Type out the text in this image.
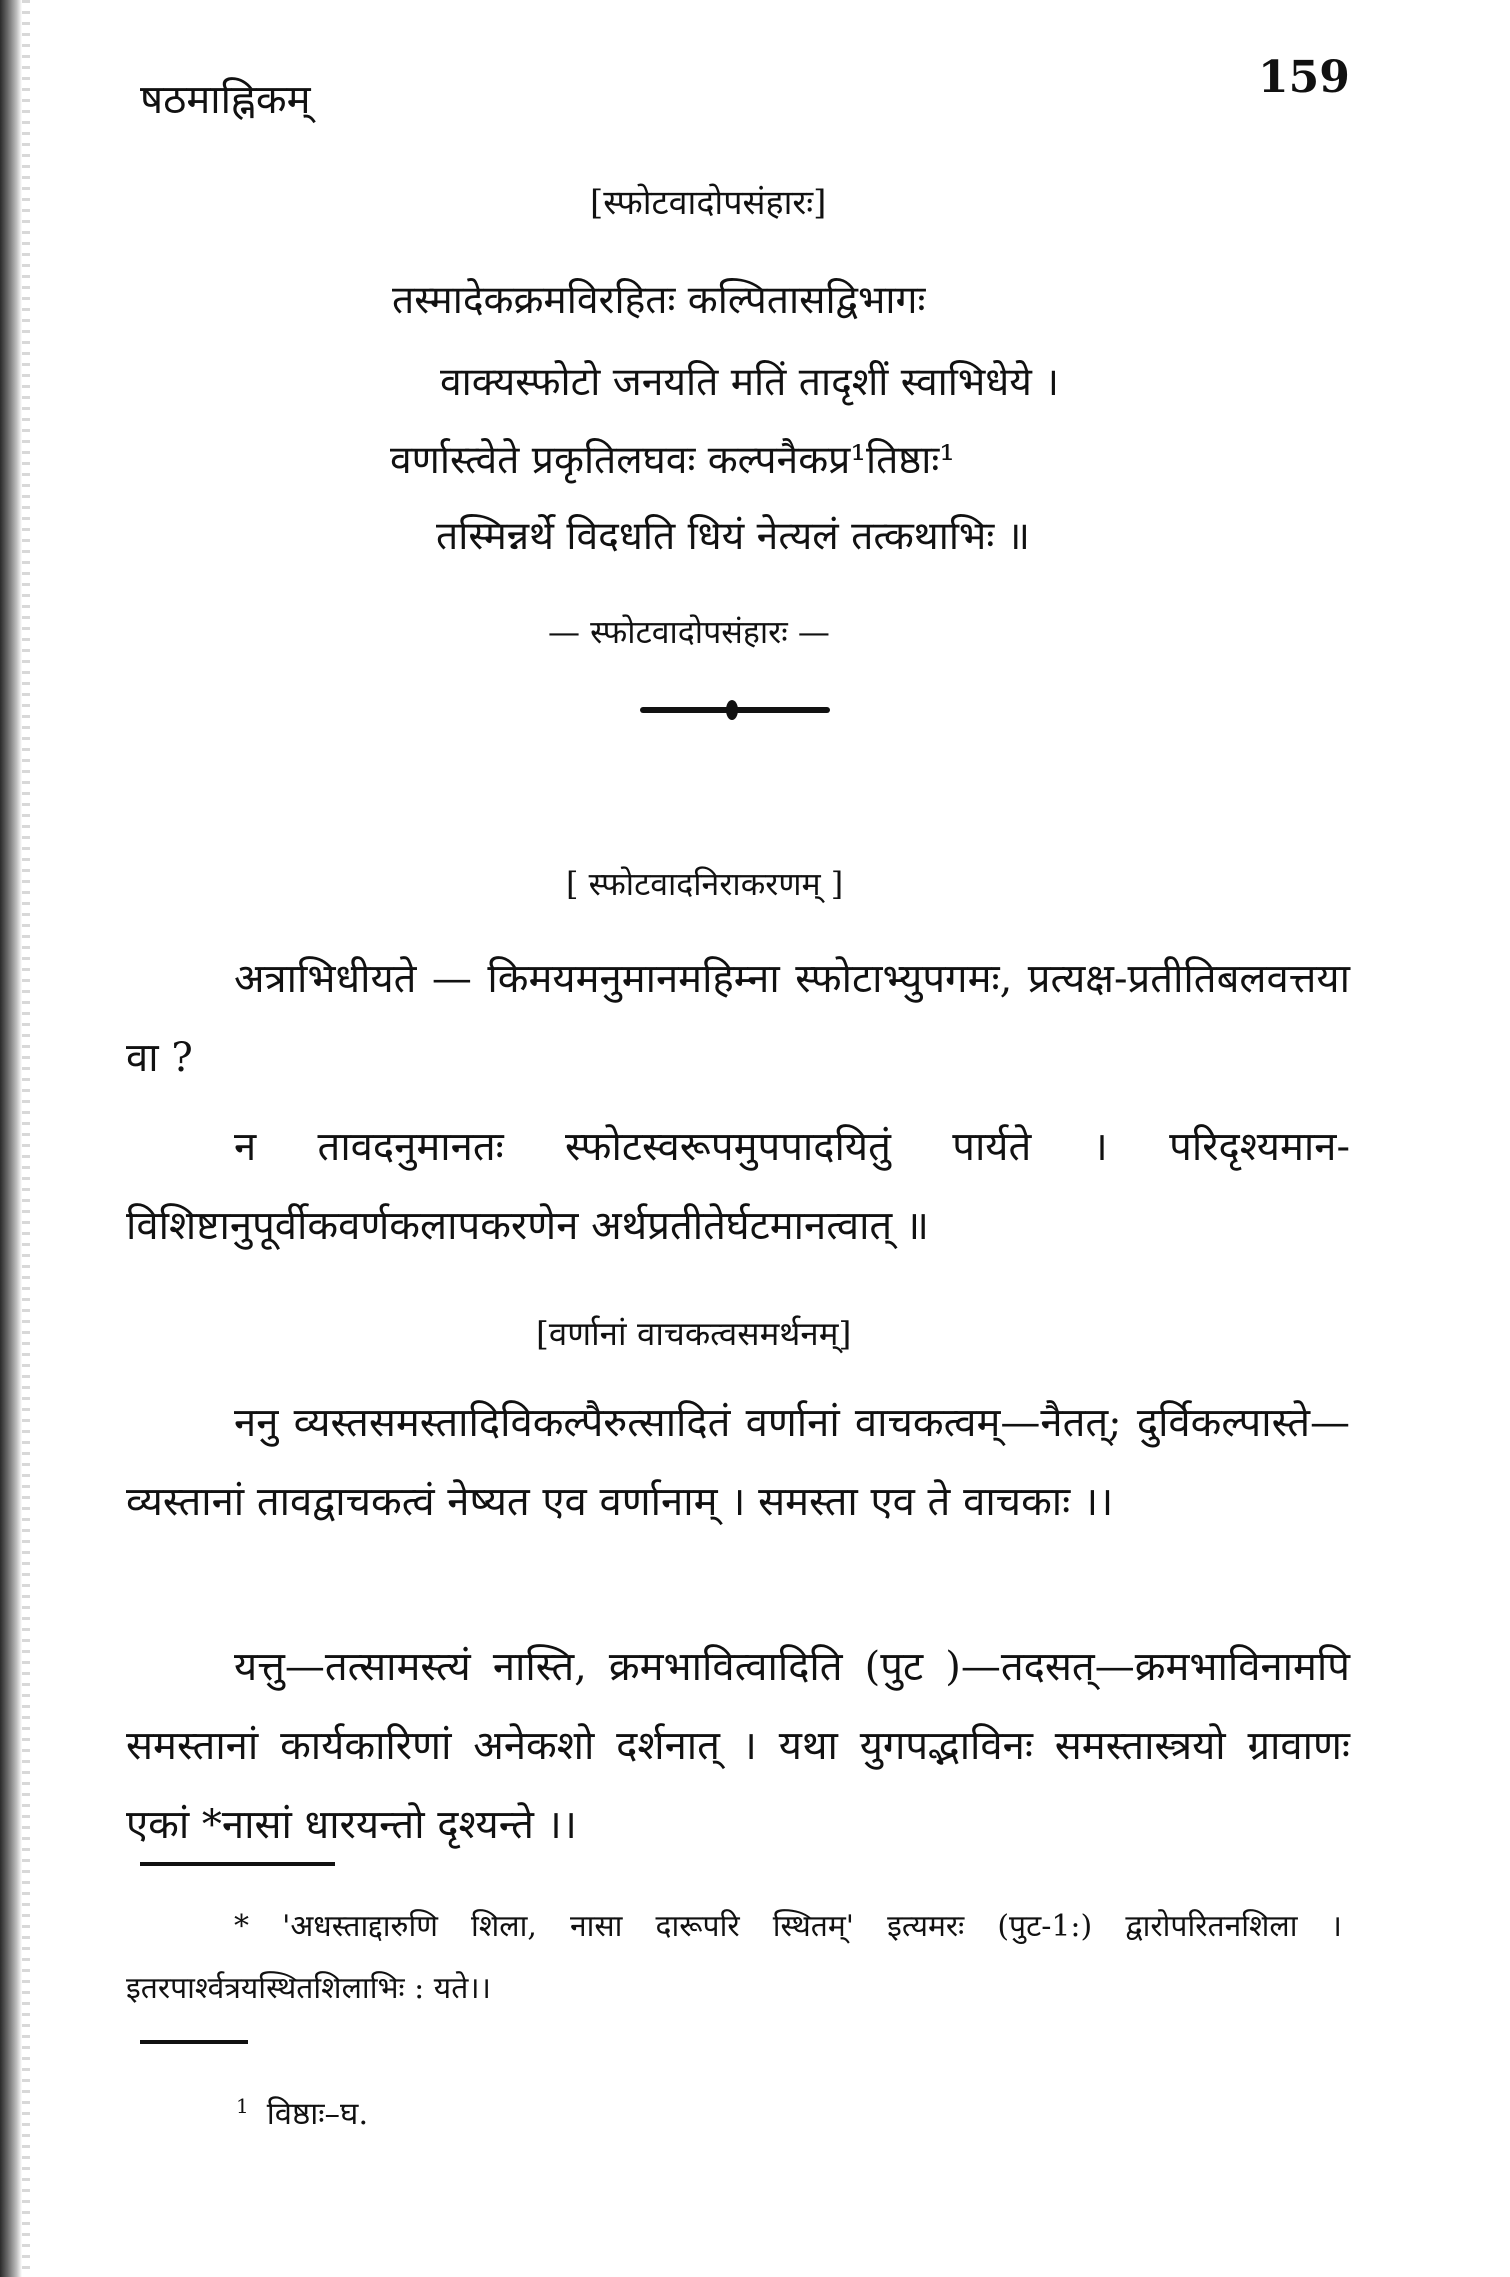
षठमाह्निकम्	159
[स्फोटवादोपसंहारः]
तस्मादेकक्रमविरहितः कल्पितासद्विभागः
वाक्यस्फोटो जनयति मतिं तादृशीं स्वाभिधेये ।
वर्णास्त्वेते प्रकृतिलघवः कल्पनैकप्र¹तिष्ठाः¹
तस्मिन्नर्थे विदधति धियं नेत्यलं तत्कथाभिः ॥
— स्फोटवादोपसंहारः —
[ स्फोटवादनिराकरणम् ]
अत्राभिधीयते — किमयमनुमानमहिम्ना स्फोटाभ्युपगमः, प्रत्यक्ष-प्रतीतिबलवत्तया वा ?
न तावदनुमानतः स्फोटस्वरूपमुपपादयितुं पार्यते । परिदृश्यमान-विशिष्टानुपूर्वीकवर्णकलापकरणेन अर्थप्रतीतेर्घटमानत्वात् ॥
[वर्णानां वाचकत्वसमर्थनम्]
ननु व्यस्तसमस्तादिविकल्पैरुत्सादितं वर्णानां वाचकत्वम्—नैतत्; दुर्विकल्पास्ते—व्यस्तानां तावद्वाचकत्वं नेष्यत एव वर्णानाम् । समस्ता एव ते वाचकाः ।।
यत्तु—तत्सामस्त्यं नास्ति, क्रमभावित्वादिति (पुट )—तदसत्—क्रमभाविनामपि समस्तानां कार्यकारिणां अनेकशो दर्शनात् । यथा युगपद्भाविनः समस्तास्त्रयो ग्रावाणः एकां *नासां धारयन्तो दृश्यन्ते ।।
* 'अधस्ताद्दारुणि शिला, नासा दारूपरि स्थितम्' इत्यमरः (पुट-1:) द्वारोपरितनशिला । इतरपार्श्वत्रयस्थितशिलाभिः : यते।।
$^1$ विष्ठाः–घ.
